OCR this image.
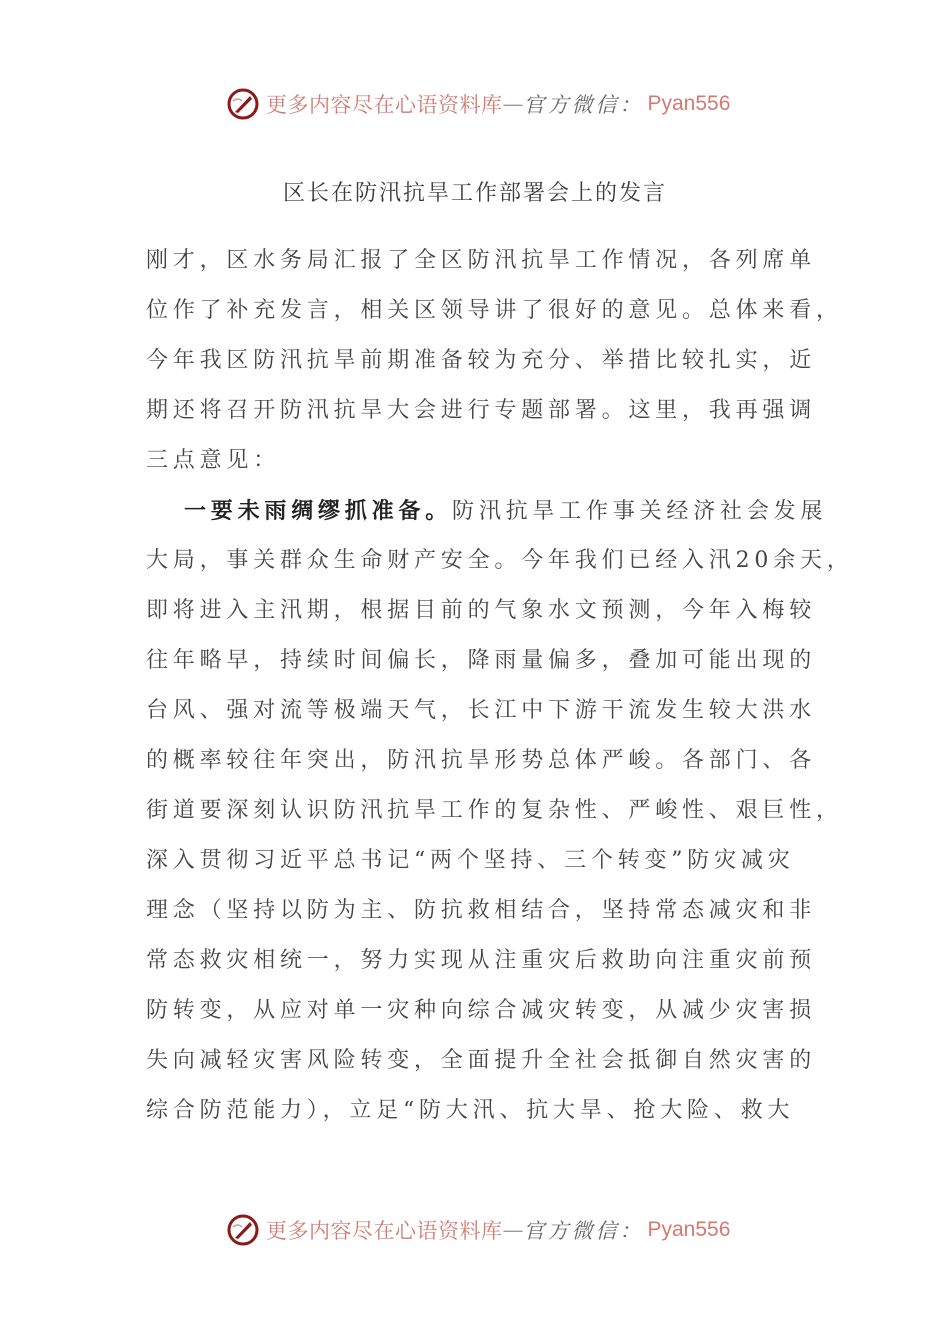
更多内容尽在心语资料库 — 官方微信： Pyan556
区长在防汛抗旱工作部署会上的发言
刚才，区水务局汇报了全区防汛抗旱工作情况，各列席单
位作了补充发言，相关区领导讲了很好的意见。总体来看，
今年我区防汛抗旱前期准备较为充分、举措比较扎实，近
期还将召开防汛抗旱大会进行专题部署。这里，我再强调
三点意见：
一要未雨绸缪抓准备。防汛抗旱工作事关经济社会发展
大局，事关群众生命财产安全。今年我们已经入汛20余天，
即将进入主汛期，根据目前的气象水文预测，今年入梅较
往年略早，持续时间偏长，降雨量偏多，叠加可能出现的
台风、强对流等极端天气，长江中下游干流发生较大洪水
的概率较往年突出，防汛抗旱形势总体严峻。各部门、各
街道要深刻认识防汛抗旱工作的复杂性、严峻性、艰巨性，
深入贯彻习近平总书记“两个坚持、三个转变”防灾减灾
理念（坚持以防为主、防抗救相结合，坚持常态减灾和非
常态救灾相统一，努力实现从注重灾后救助向注重灾前预
防转变，从应对单一灾种向综合减灾转变，从减少灾害损
失向减轻灾害风险转变，全面提升全社会抵御自然灾害的
综合防范能力），立足“防大汛、抗大旱、抢大险、救大
更多内容尽在心语资料库 — 官方微信： Pyan556
